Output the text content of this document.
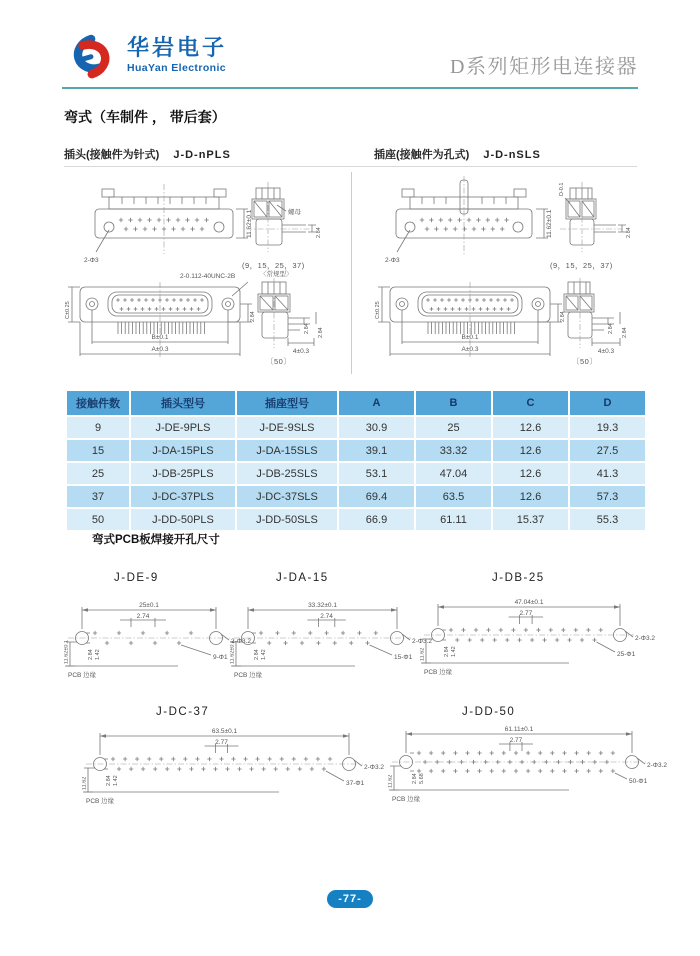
华岩电子
HuaYan Electronic	D系列矩形电连接器
弯式（车制件 ， 带后套）
插头(接触件为针式) J-D-nPLS	插座(接触件为孔式) J-D-nSLS
11.62±0.1
2-Φ3
螺母
2.84
(9，15，25，37)
2-0.112-40UNC-2B
C±0.25	2.84
B±0.1
A±0.3
〈常规型〉
2.84 2.84
4±0.3
〔50〕
11.62±0.1
2-Φ3
D-0.1
2.84
(9，15，25，37)
C±0.25	2.84
B±0.1
A±0.3
2.84 2.84
4±0.3
〔50〕
接触件数	插头型号	插座型号	A	B	C	D
9	J-DE-9PLS	J-DE-9SLS	30.9	25	12.6	19.3
15	J-DA-15PLS	J-DA-15SLS	39.1	33.32	12.6	27.5
25	J-DB-25PLS	J-DB-25SLS	53.1	47.04	12.6	41.3
37	J-DC-37PLS	J-DC-37SLS	69.4	63.5	12.6	57.3
50	J-DD-50PLS	J-DD-50SLS	66.9	61.11	15.37	55.3
弯式PCB板焊接开孔尺寸
J-DE-9	J-DA-15	J-DB-25
J-DC-37	J-DD-50
25±0.1
2.74
11.62±0.1	2.84 1.42
PCB 边缘
2-Φ3.2
9-Φ1
33.32±0.1
2.74
11.62±0.1	2.84 1.42
PCB 边缘
2-Φ3.2
15-Φ1
47.04±0.1
2.77
11.62	2.84 1.42
PCB 边缘
2-Φ3.2
25-Φ1
63.5±0.1
2.77
11.62	2.84 1.42
PCB 边缘
2-Φ3.2
37-Φ1
61.11±0.1
2.77
11.62	2.84 5.68
PCB 边缘
2-Φ3.2
50-Φ1
-77-
